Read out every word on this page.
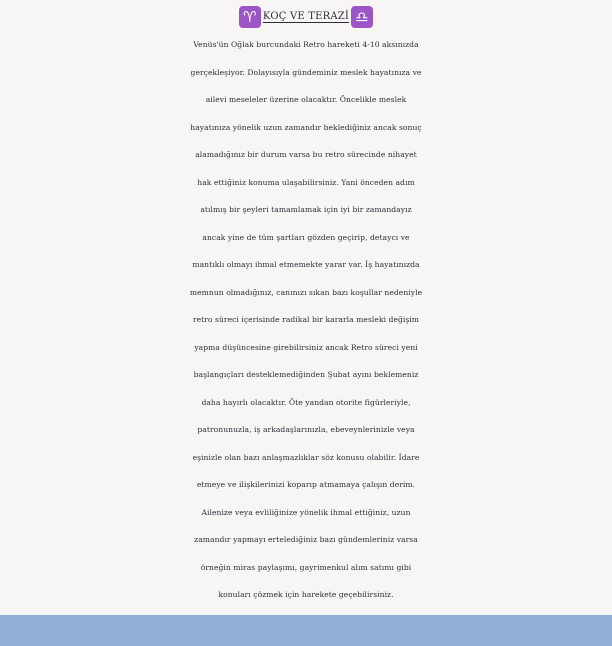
♈ KOÇ VE TERAZİ ♎
Venüs'ün Oğlak burcundaki Retro hareketi 4-10 aksınızda
gerçekleşiyor. Dolayısıyla gündeminiz meslek hayatınıza ve
ailevi meseleler üzerine olacaktır. Öncelikle meslek
hayatınıza yönelik uzun zamandır beklediğiniz ancak sonuç
alamadığınız bir durum varsa bu retro sürecinde nihayet
hak ettiğiniz konuma ulaşabilirsiniz. Yani önceden adım
atılmış bir şeyleri tamamlamak için iyi bir zamandayız
ancak yine de tüm şartları gözden geçirip, detaycı ve
mantıklı olmayı ihmal etmemekte yarar var. İş hayatınızda
memnun olmadığınız, canınızı sıkan bazı koşullar nedeniyle
retro süreci içerisinde radikal bir kararla mesleki değişim
yapma düşüncesine girebilirsiniz ancak Retro süreci yeni
başlangıçları desteklemediğinden Şubat ayını beklemeniz
daha hayırlı olacaktır. Öte yandan otorite figürleriyle,
patronunuzla, iş arkadaşlarınızla, ebeveynlerinizle veya
eşinizle olan bazı anlaşmazlıklar söz konusu olabilir. İdare
etmeye ve ilişkilerinizi koparıp atmamaya çalışın derim.
Ailenize veya evliliğinize yönelik ihmal ettiğiniz, uzun
zamandır yapmayı ertelediğiniz bazı gündemleriniz varsa
örneğin miras paylaşımı, gayrimenkul alım satımı gibi
konuları çözmek için harekete geçebilirsiniz.
